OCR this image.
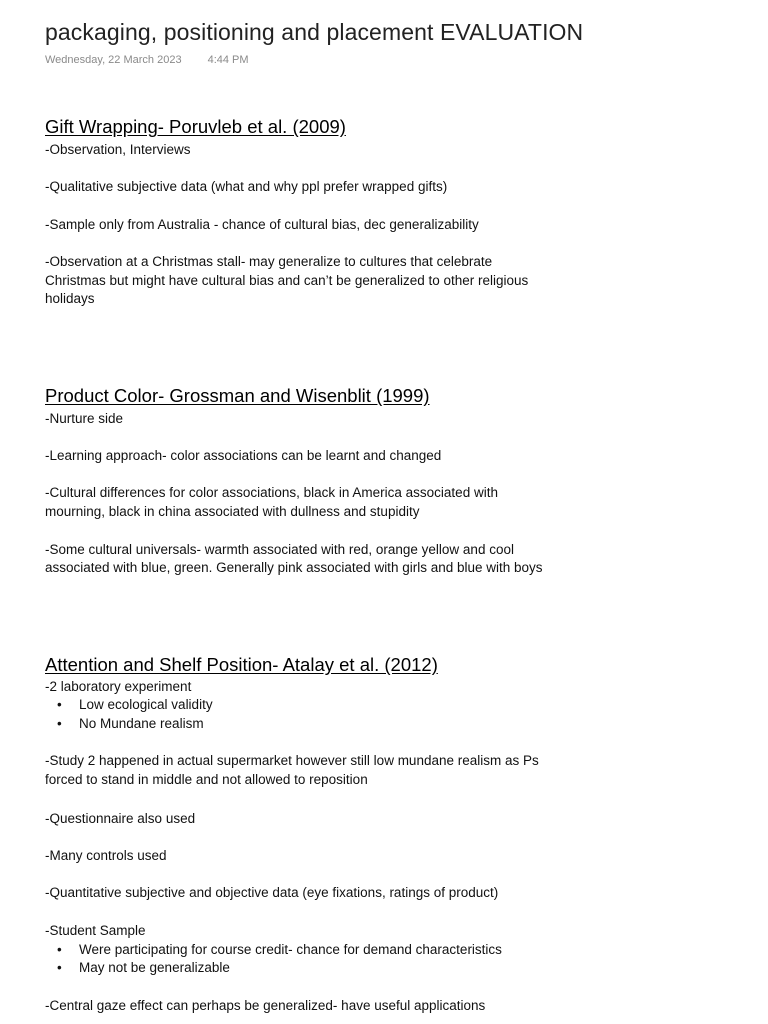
packaging, positioning and placement EVALUATION
Wednesday, 22 March 2023 4:44 PM
Gift Wrapping- Poruvleb et al. (2009)
-Observation, Interviews
-Qualitative subjective data (what and why ppl prefer wrapped gifts)
-Sample only from Australia - chance of cultural bias, dec generalizability
-Observation at a Christmas stall- may generalize to cultures that celebrate
Christmas but might have cultural bias and can’t be generalized to other religious
holidays
Product Color- Grossman and Wisenblit (1999)
-Nurture side
-Learning approach- color associations can be learnt and changed
-Cultural differences for color associations, black in America associated with
mourning, black in china associated with dullness and stupidity
-Some cultural universals- warmth associated with red, orange yellow and cool
associated with blue, green. Generally pink associated with girls and blue with boys
Attention and Shelf Position- Atalay et al. (2012)
-2 laboratory experiment
• Low ecological validity
• No Mundane realism
-Study 2 happened in actual supermarket however still low mundane realism as Ps
forced to stand in middle and not allowed to reposition
-Questionnaire also used
-Many controls used
-Quantitative subjective and objective data (eye fixations, ratings of product)
-Student Sample
• Were participating for course credit- chance for demand characteristics
• May not be generalizable
-Central gaze effect can perhaps be generalized- have useful applications
